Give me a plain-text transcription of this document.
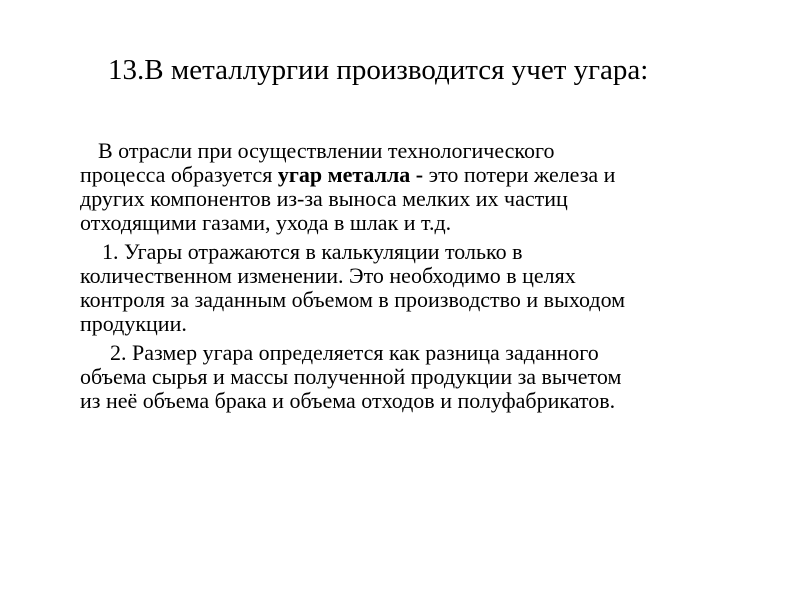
13.В металлургии производится учет угара:
В отрасли при осуществлении технологического
процесса образуется угар металла - это потери железа и
других компонентов из-за выноса мелких их частиц
отходящими газами, ухода в шлак и т.д.
1. Угары отражаются в калькуляции только в
количественном изменении. Это необходимо в целях
контроля за заданным объемом в производство и выходом
продукции.
2. Размер угара определяется как разница заданного
объема сырья и массы полученной продукции за вычетом
из неё объема брака и объема отходов и полуфабрикатов.
